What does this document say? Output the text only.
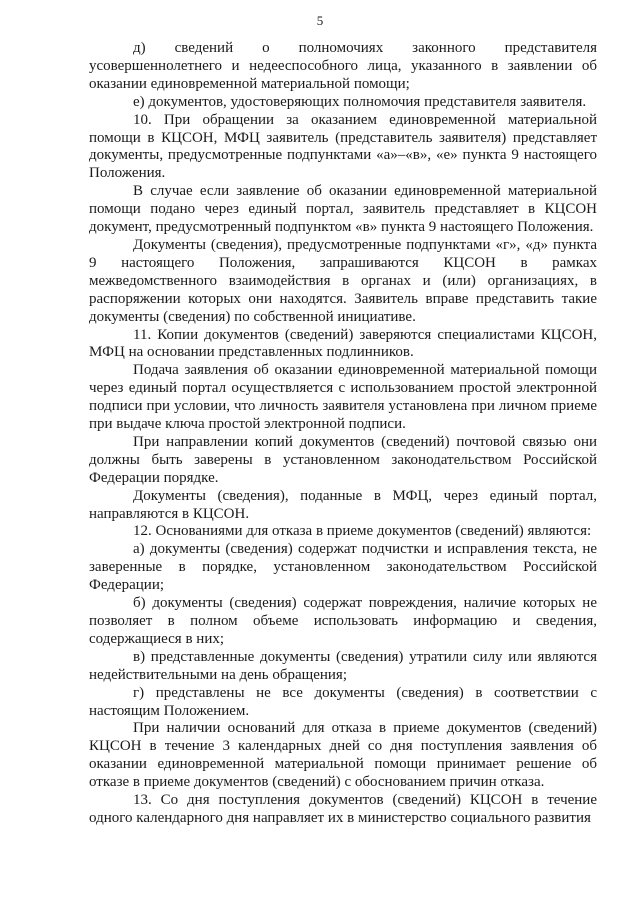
5

д) сведений о полномочиях законного представителя усовершеннолетнего и недееспособного лица, указанного в заявлении об оказании единовременной материальной помощи;

е) документов, удостоверяющих полномочия представителя заявителя.

10. При обращении за оказанием единовременной материальной помощи в КЦСОН, МФЦ заявитель (представитель заявителя) представляет документы, предусмотренные подпунктами «а»–«в», «е» пункта 9 настоящего Положения.

В случае если заявление об оказании единовременной материальной помощи подано через единый портал, заявитель представляет в КЦСОН документ, предусмотренный подпунктом «в» пункта 9 настоящего Положения.

Документы (сведения), предусмотренные подпунктами «г», «д» пункта 9 настоящего Положения, запрашиваются КЦСОН в рамках межведомственного взаимодействия в органах и (или) организациях, в распоряжении которых они находятся. Заявитель вправе представить такие документы (сведения) по собственной инициативе.

11. Копии документов (сведений) заверяются специалистами КЦСОН, МФЦ на основании представленных подлинников.

Подача заявления об оказании единовременной материальной помощи через единый портал осуществляется с использованием простой электронной подписи при условии, что личность заявителя установлена при личном приеме при выдаче ключа простой электронной подписи.

При направлении копий документов (сведений) почтовой связью они должны быть заверены в установленном законодательством Российской Федерации порядке.

Документы (сведения), поданные в МФЦ, через единый портал, направляются в КЦСОН.

12. Основаниями для отказа в приеме документов (сведений) являются:

а) документы (сведения) содержат подчистки и исправления текста, не заверенные в порядке, установленном законодательством Российской Федерации;

б) документы (сведения) содержат повреждения, наличие которых не позволяет в полном объеме использовать информацию и сведения, содержащиеся в них;

в) представленные документы (сведения) утратили силу или являются недействительными на день обращения;

г) представлены не все документы (сведения) в соответствии с настоящим Положением.

При наличии оснований для отказа в приеме документов (сведений) КЦСОН в течение 3 календарных дней со дня поступления заявления об оказании единовременной материальной помощи принимает решение об отказе в приеме документов (сведений) с обоснованием причин отказа.

13. Со дня поступления документов (сведений) КЦСОН в течение одного календарного дня направляет их в министерство социального развития
